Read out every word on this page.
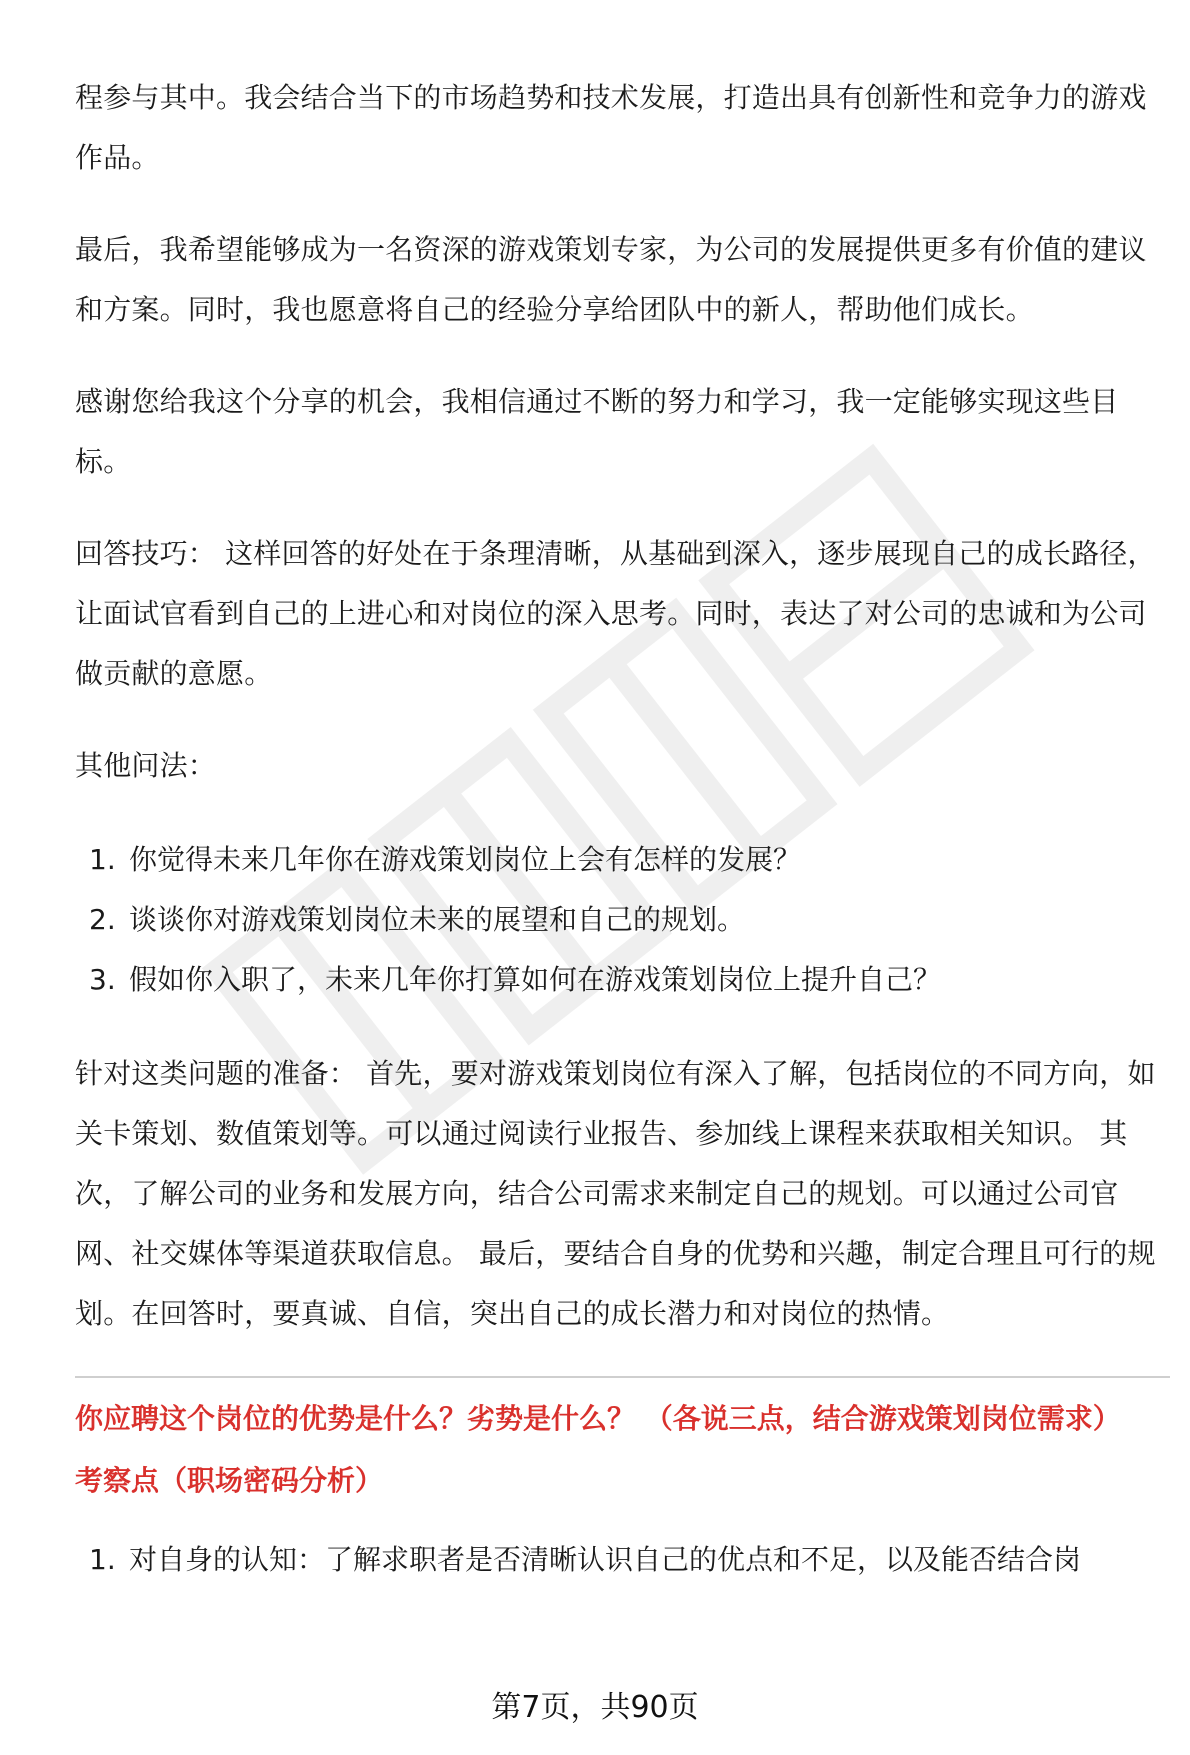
程参与其中。我会结合当下的市场趋势和技术发展，打造出具有创新性和竞争力的游戏作品。

最后，我希望能够成为一名资深的游戏策划专家，为公司的发展提供更多有价值的建议和方案。同时，我也愿意将自己的经验分享给团队中的新人，帮助他们成长。

感谢您给我这个分享的机会，我相信通过不断的努力和学习，我一定能够实现这些目标。

回答技巧： 这样回答的好处在于条理清晰，从基础到深入，逐步展现自己的成长路径，让面试官看到自己的上进心和对岗位的深入思考。同时，表达了对公司的忠诚和为公司做贡献的意愿。

其他问法：

1. 你觉得未来几年你在游戏策划岗位上会有怎样的发展？
2. 谈谈你对游戏策划岗位未来的展望和自己的规划。
3. 假如你入职了，未来几年你打算如何在游戏策划岗位上提升自己？

针对这类问题的准备： 首先，要对游戏策划岗位有深入了解，包括岗位的不同方向，如关卡策划、数值策划等。可以通过阅读行业报告、参加线上课程来获取相关知识。 其次，了解公司的业务和发展方向，结合公司需求来制定自己的规划。可以通过公司官网、社交媒体等渠道获取信息。 最后，要结合自身的优势和兴趣，制定合理且可行的规划。在回答时，要真诚、自信，突出自己的成长潜力和对岗位的热情。

你应聘这个岗位的优势是什么？劣势是什么？ （各说三点，结合游戏策划岗位需求）
考察点（职场密码分析）
1. 对自身的认知：了解求职者是否清晰认识自己的优点和不足，以及能否结合岗
第7页，共90页
